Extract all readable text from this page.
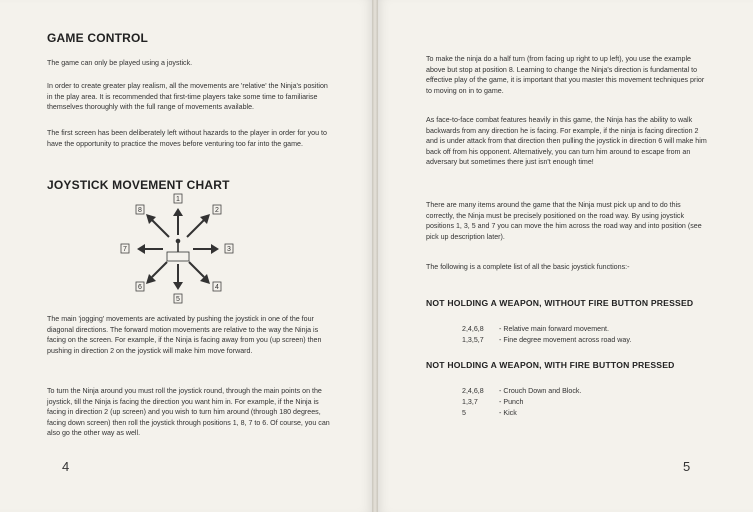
GAME CONTROL

The game can only be played using a joystick.

In order to create greater play realism, all the movements are 'relative' the Ninja's position in the play area. It is recommended that first-time players take some time to familiarise themselves thoroughly with the full range of movements available.

The first screen has been deliberately left without hazards to the player in order for you to have the opportunity to practice the moves before venturing too far into the game.

JOYSTICK MOVEMENT CHART
1
2
3
4
5
6
7
8

The main 'jogging' movements are activated by pushing the joystick in one of the four diagonal directions. The forward motion movements are relative to the way the Ninja is facing on the screen. For example, if the Ninja is facing away from you (up screen) then pushing in direction 2 on the joystick will make him move forward.

To turn the Ninja around you must roll the joystick round, through the main points on the joystick, till the Ninja is facing the direction you want him in. For example, if the Ninja is facing in direction 2 (up screen) and you wish to turn him around (through 180 degrees, facing down screen) then roll the joystick through positions 1, 8, 7 to 6. Of course, you can also go the other way as well.

4

To make the ninja do a half turn (from facing up right to up left), you use the example above but stop at position 8. Learning to change the Ninja's direction is fundamental to effective play of the game, it is important that you master this movement techniques prior to moving on in to game.

As face-to-face combat features heavily in this game, the Ninja has the ability to walk backwards from any direction he is facing. For example, if the ninja is facing direction 2 and is under attack from that direction then pulling the joystick in direction 6 will make him back off from his opponent. Alternatively, you can turn him around to escape from an adversary but sometimes there just isn't enough time!

There are many items around the game that the Ninja must pick up and to do this correctly, the Ninja must be precisely positioned on the road way. By using joystick positions 1, 3, 5 and 7 you can move the him across the road way and into position (see pick up description later).

The following is a complete list of all the basic joystick functions:-

NOT HOLDING A WEAPON, WITHOUT FIRE BUTTON PRESSED
2,4,6,8 - Relative main forward movement.
1,3,5,7 - Fine degree movement across road way.
NOT HOLDING A WEAPON, WITH FIRE BUTTON PRESSED
2,4,6,8 - Crouch Down and Block.
1,3,7	- Punch
5	- Kick
5
